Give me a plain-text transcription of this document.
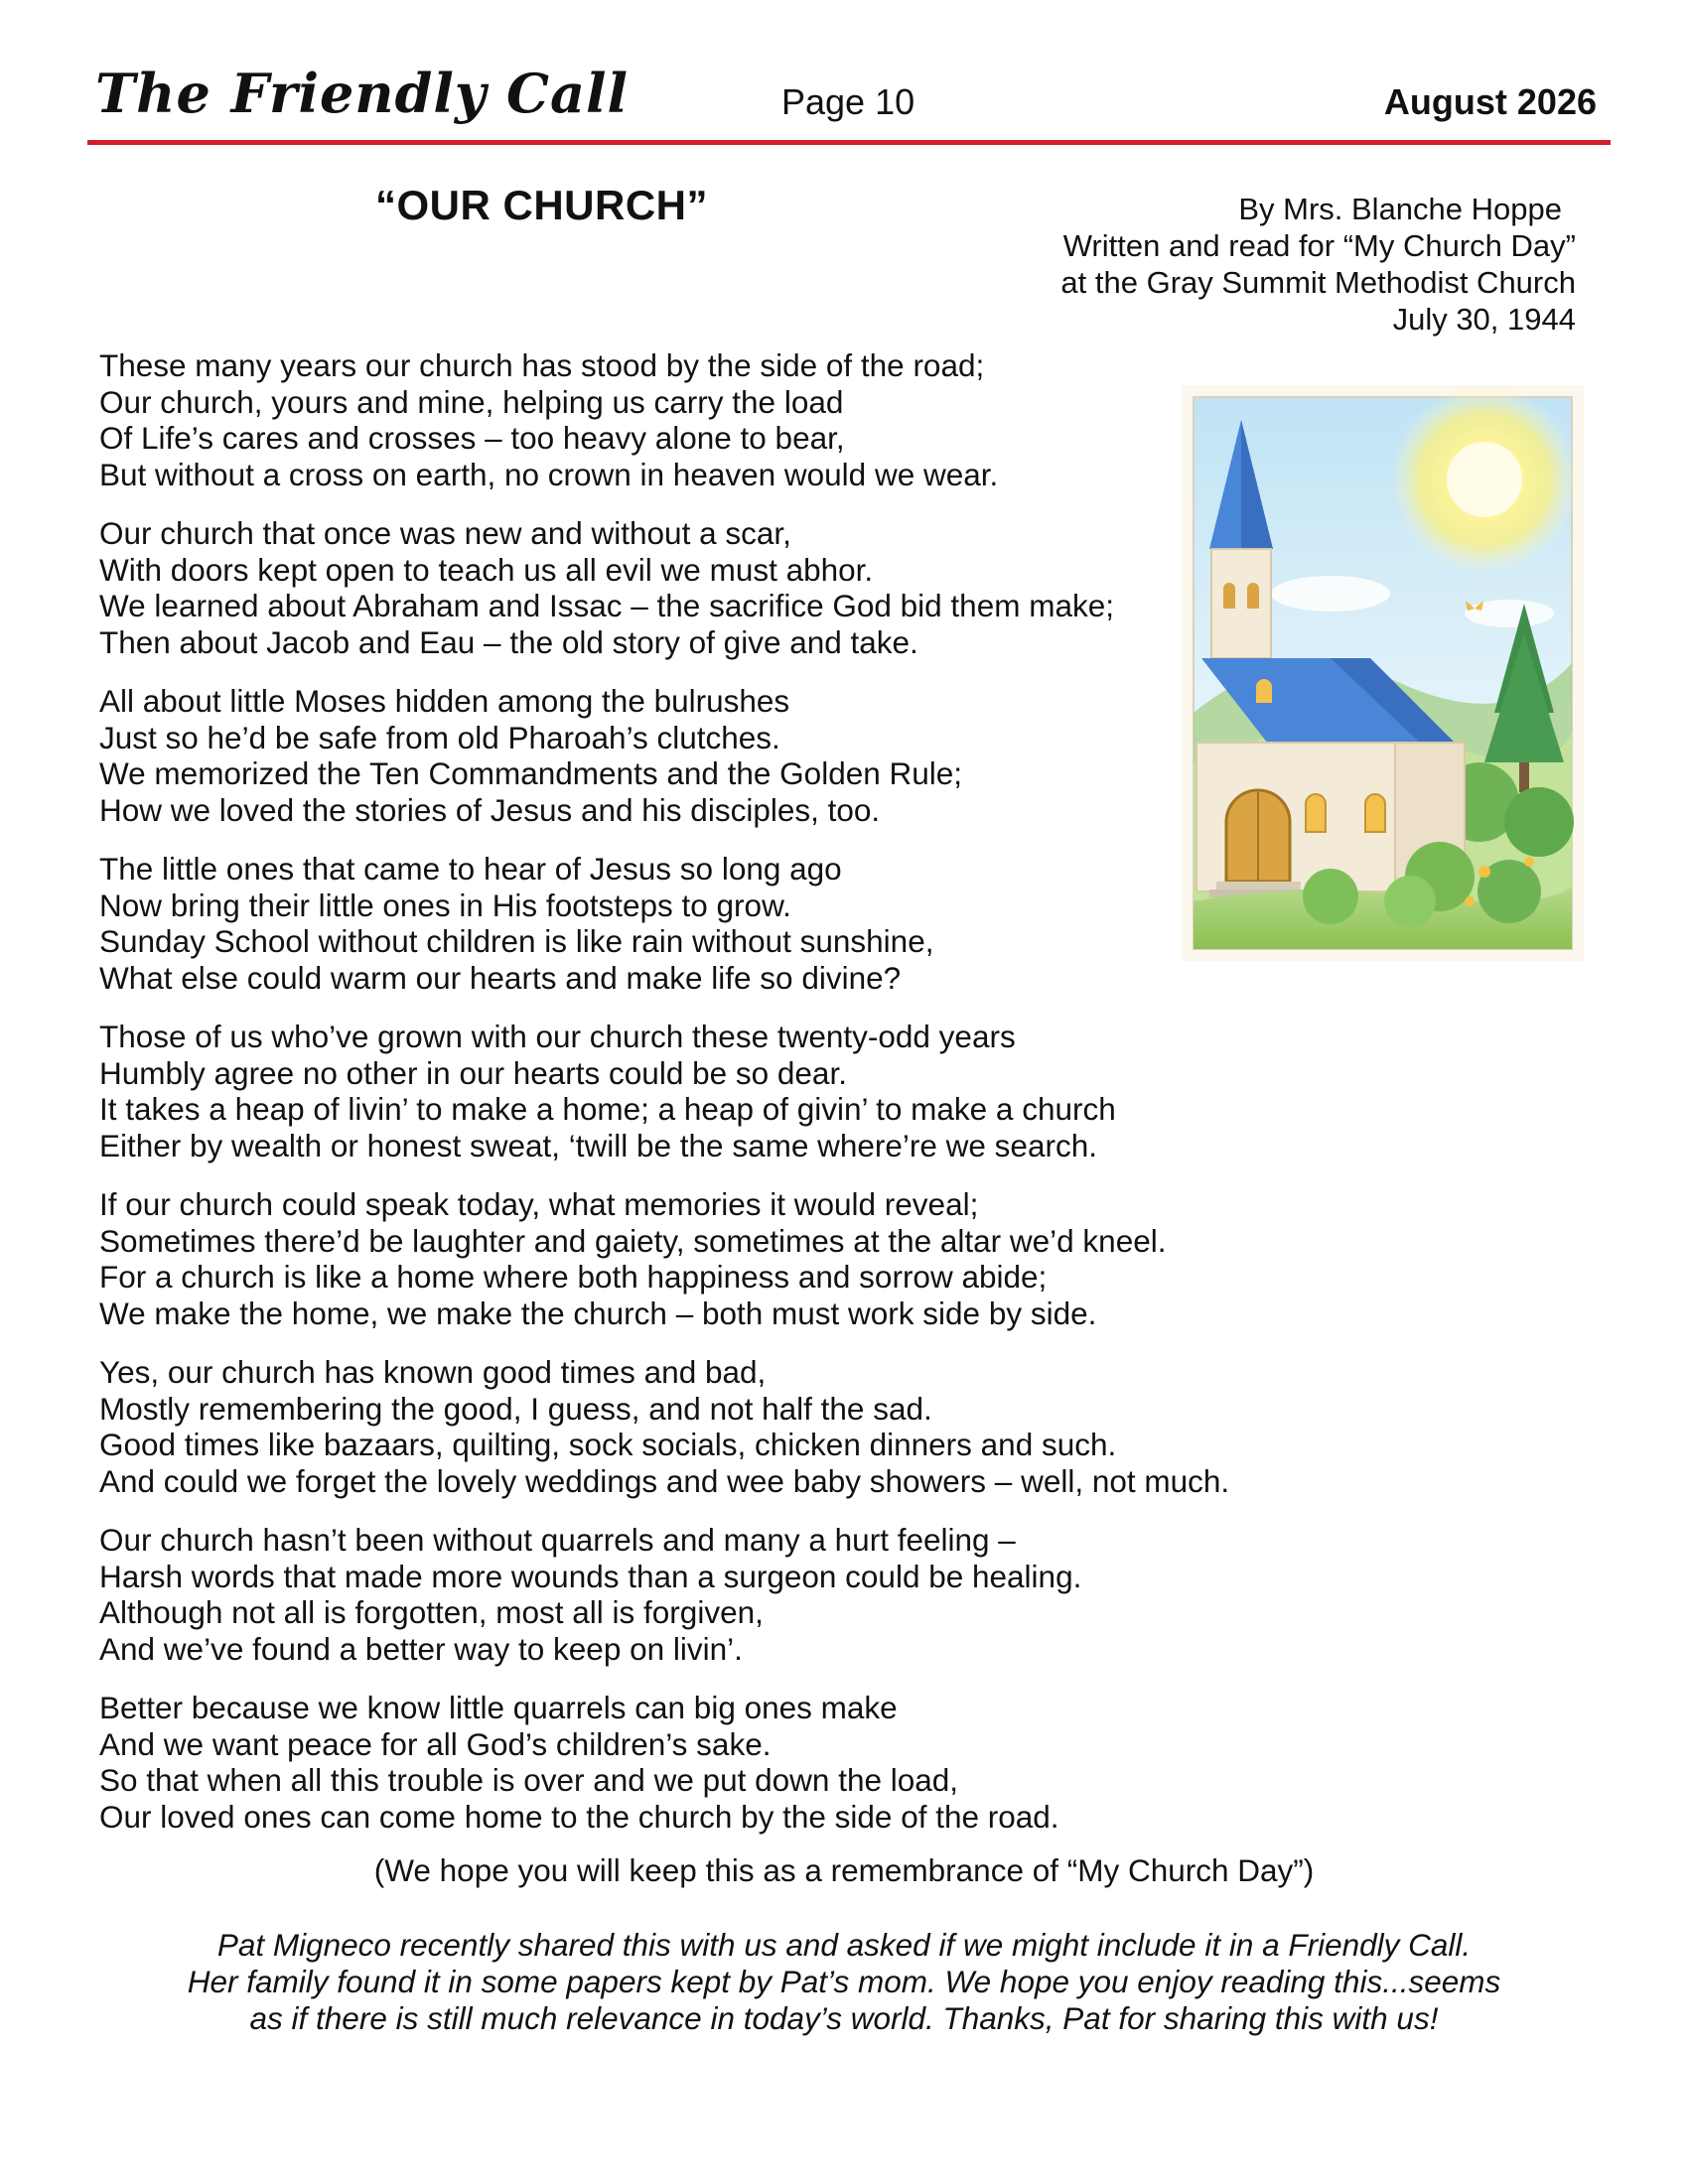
The Friendly Call	Page 10	August 2026
“OUR CHURCH”	By Mrs. Blanche Hoppe
Written and read for “My Church Day”
at the Gray Summit Methodist Church
July 30, 1944
These many years our church has stood by the side of the road;
Our church, yours and mine, helping us carry the load
Of Life’s cares and crosses – too heavy alone to bear,
But without a cross on earth, no crown in heaven would we wear.
Our church that once was new and without a scar,
With doors kept open to teach us all evil we must abhor.
We learned about Abraham and Issac – the sacrifice God bid them make;
Then about Jacob and Eau – the old story of give and take.
All about little Moses hidden among the bulrushes
Just so he’d be safe from old Pharoah’s clutches.
We memorized the Ten Commandments and the Golden Rule;
How we loved the stories of Jesus and his disciples, too.
The little ones that came to hear of Jesus so long ago
Now bring their little ones in His footsteps to grow.
Sunday School without children is like rain without sunshine,
What else could warm our hearts and make life so divine?
Those of us who’ve grown with our church these twenty-odd years
Humbly agree no other in our hearts could be so dear.
It takes a heap of livin’ to make a home; a heap of givin’ to make a church
Either by wealth or honest sweat, ‘twill be the same where’re we search.
If our church could speak today, what memories it would reveal;
Sometimes there’d be laughter and gaiety, sometimes at the altar we’d kneel.
For a church is like a home where both happiness and sorrow abide;
We make the home, we make the church – both must work side by side.
Yes, our church has known good times and bad,
Mostly remembering the good, I guess, and not half the sad.
Good times like bazaars, quilting, sock socials, chicken dinners and such.
And could we forget the lovely weddings and wee baby showers – well, not much.
Our church hasn’t been without quarrels and many a hurt feeling –
Harsh words that made more wounds than a surgeon could be healing.
Although not all is forgotten, most all is forgiven,
And we’ve found a better way to keep on livin’.
Better because we know little quarrels can big ones make
And we want peace for all God’s children’s sake.
So that when all this trouble is over and we put down the load,
Our loved ones can come home to the church by the side of the road.
(We hope you will keep this as a remembrance of “My Church Day”)
Pat Migneco recently shared this with us and asked if we might include it in a Friendly Call.
Her family found it in some papers kept by Pat’s mom. We hope you enjoy reading this...seems
as if there is still much relevance in today’s world. Thanks, Pat for sharing this with us!
